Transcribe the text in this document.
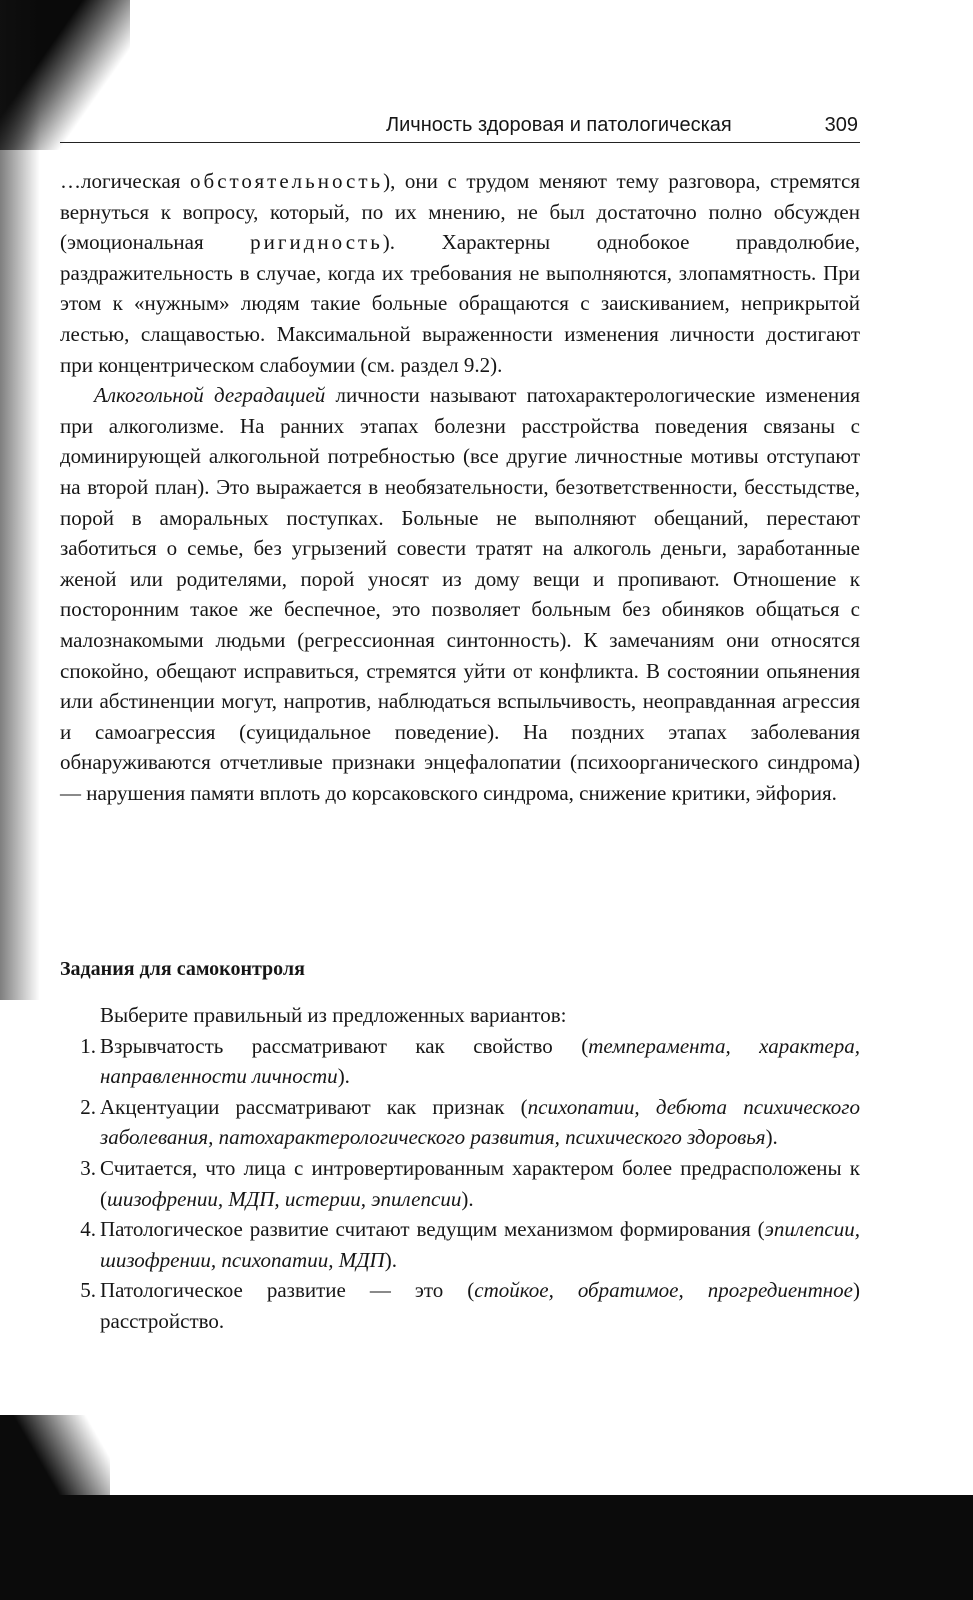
Личность здоровая и патологическая	309

…логическая обстоятельность), они с трудом меняют тему разговора, стремятся вернуться к вопросу, который, по их мнению, не был достаточно полно обсужден (эмоциональная ригидность). Характерны однобокое правдолюбие, раздражительность в случае, когда их требования не выполняются, злопамятность. При этом к «нужным» людям такие больные обращаются с заискиванием, неприкрытой лестью, слащавостью. Максимальной выраженности изменения личности достигают при концентрическом слабоумии (см. раздел 9.2).

Алкогольной деградацией личности называют патохарактерологические изменения при алкоголизме. На ранних этапах болезни расстройства поведения связаны с доминирующей алкогольной потребностью (все другие личностные мотивы отступают на второй план). Это выражается в необязательности, безответственности, бесстыдстве, порой в аморальных поступках. Больные не выполняют обещаний, перестают заботиться о семье, без угрызений совести тратят на алкоголь деньги, заработанные женой или родителями, порой уносят из дому вещи и пропивают. Отношение к посторонним такое же беспечное, это позволяет больным без обиняков общаться с малознакомыми людьми (регрессионная синтонность). К замечаниям они относятся спокойно, обещают исправиться, стремятся уйти от конфликта. В состоянии опьянения или абстиненции могут, напротив, наблюдаться вспыльчивость, неоправданная агрессия и самоагрессия (суицидальное поведение). На поздних этапах заболевания обнаруживаются отчетливые признаки энцефалопатии (психоорганического синдрома) — нарушения памяти вплоть до корсаковского синдрома, снижение критики, эйфория.

Задания для самоконтроля
Выберите правильный из предложенных вариантов:
1. Взрывчатость рассматривают как свойство (темперамента, характера, направленности личности).
2. Акцентуации рассматривают как признак (психопатии, дебюта психического заболевания, патохарактерологического развития, психического здоровья).
3. Считается, что лица с интровертированным характером более предрасположены к (шизофрении, МДП, истерии, эпилепсии).
4. Патологическое развитие считают ведущим механизмом формирования (эпилепсии, шизофрении, психопатии, МДП).
5. Патологическое развитие — это (стойкое, обратимое, прогредиентное) расстройство.
